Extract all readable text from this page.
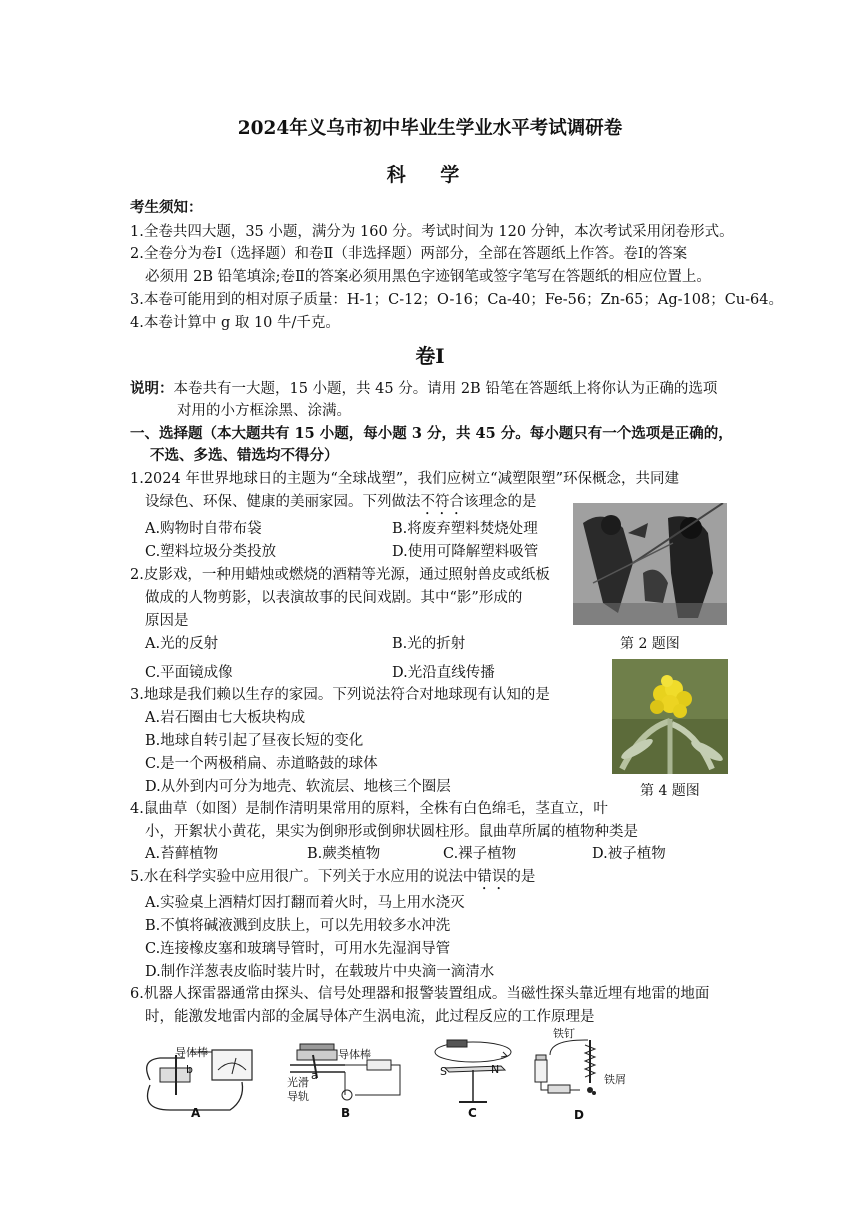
2024年义乌市初中毕业生学业水平考试调研卷
科 学
考生须知：
1.全卷共四大题，35 小题，满分为 160 分。考试时间为 120 分钟，本次考试采用闭卷形式。
2.全卷分为卷Ⅰ（选择题）和卷Ⅱ（非选择题）两部分，全部在答题纸上作答。卷Ⅰ的答案
必须用 2B 铅笔填涂;卷Ⅱ的答案必须用黑色字迹钢笔或签字笔写在答题纸的相应位置上。
3.本卷可能用到的相对原子质量：H-1；C-12；O-16；Ca-40；Fe-56；Zn-65；Ag-108；Cu-64。
4.本卷计算中 g 取 10 牛/千克。
卷Ⅰ
说明：本卷共有一大题，15 小题，共 45 分。请用 2B 铅笔在答题纸上将你认为正确的选项
对用的小方框涂黑、涂满。
一、选择题（本大题共有 15 小题，每小题 3 分，共 45 分。每小题只有一个选项是正确的，
不选、多选、错选均不得分）
1.2024 年世界地球日的主题为“全球战塑”，我们应树立“减塑限塑”环保概念，共同建
设绿色、环保、健康的美丽家园。下列做法不符合该理念的是
A.购物时自带布袋	B.将废弃塑料焚烧处理
C.塑料垃圾分类投放	D.使用可降解塑料吸管
第 2 题图
2.皮影戏，一种用蜡烛或燃烧的酒精等光源，通过照射兽皮或纸板
做成的人物剪影，以表演故事的民间戏剧。其中“影”形成的
原因是
A.光的反射	B.光的折射
C.平面镜成像	D.光沿直线传播
第 4 题图
3.地球是我们赖以生存的家园。下列说法符合对地球现有认知的是
A.岩石圈由七大板块构成
B.地球自转引起了昼夜长短的变化
C.是一个两极稍扁、赤道略鼓的球体
D.从外到内可分为地壳、软流层、地核三个圈层
4.鼠曲草（如图）是制作清明果常用的原料，全株有白色绵毛，茎直立，叶
小，开絮状小黄花，果实为倒卵形或倒卵状圆柱形。鼠曲草所属的植物种类是
A.苔藓植物	B.蕨类植物	C.裸子植物	D.被子植物
5.水在科学实验中应用很广。下列关于水应用的说法中错误的是
A.实验桌上酒精灯因打翻而着火时，马上用水浇灭
B.不慎将碱液溅到皮肤上，可以先用较多水冲洗
C.连接橡皮塞和玻璃导管时，可用水先湿润导管
D.制作洋葱表皮临时装片时，在载玻片中央滴一滴清水
6.机器人探雷器通常由探头、信号处理器和报警装置组成。当磁性探头靠近埋有地雷的地面
时，能激发地雷内部的金属导体产生涡电流，此过程反应的工作原理是
导体棒
b
A
导体棒
光滑
导轨
a
B
S	N
C
铁钉
铁屑
D
